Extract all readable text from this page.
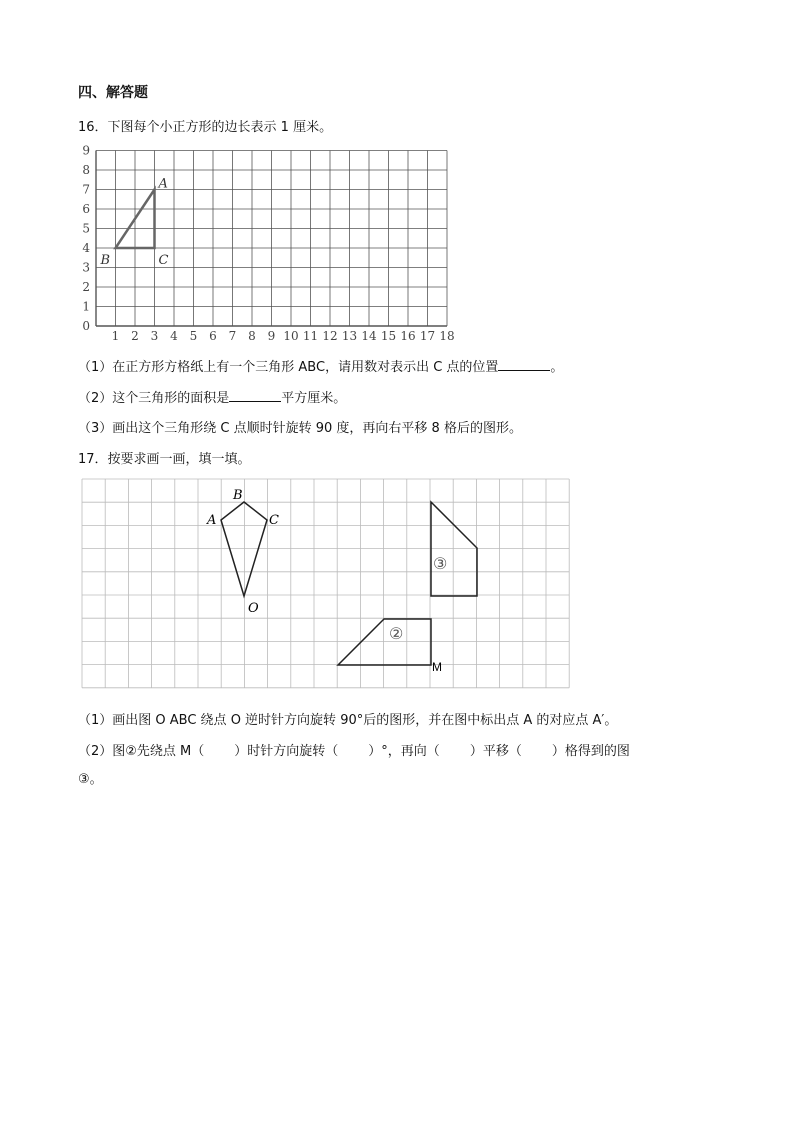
四、解答题
16．下图每个小正方形的边长表示 1 厘米。
1 2 3 4 5 6 7 8 9 10 11 12 13 14 15 16 17 18
0
1
2
3
4
5
6
7
8
9
A
B	C
（1）在正方形方格纸上有一个三角形 ABC，请用数对表示出 C 点的位置	。
（2）这个三角形的面积是	平方厘米。
（3）画出这个三角形绕 C 点顺时针旋转 90 度，再向右平移 8 格后的图形。
17．按要求画一画，填一填。
B
A	C
O
③
②
M
（1）画出图 O ABC 绕点 O 逆时针方向旋转 90°后的图形，并在图中标出点 A 的对应点 A′。
（2）图②先绕点 M（ ）时针方向旋转（ ）°，再向（ ）平移（ ）格得到的图
③。
